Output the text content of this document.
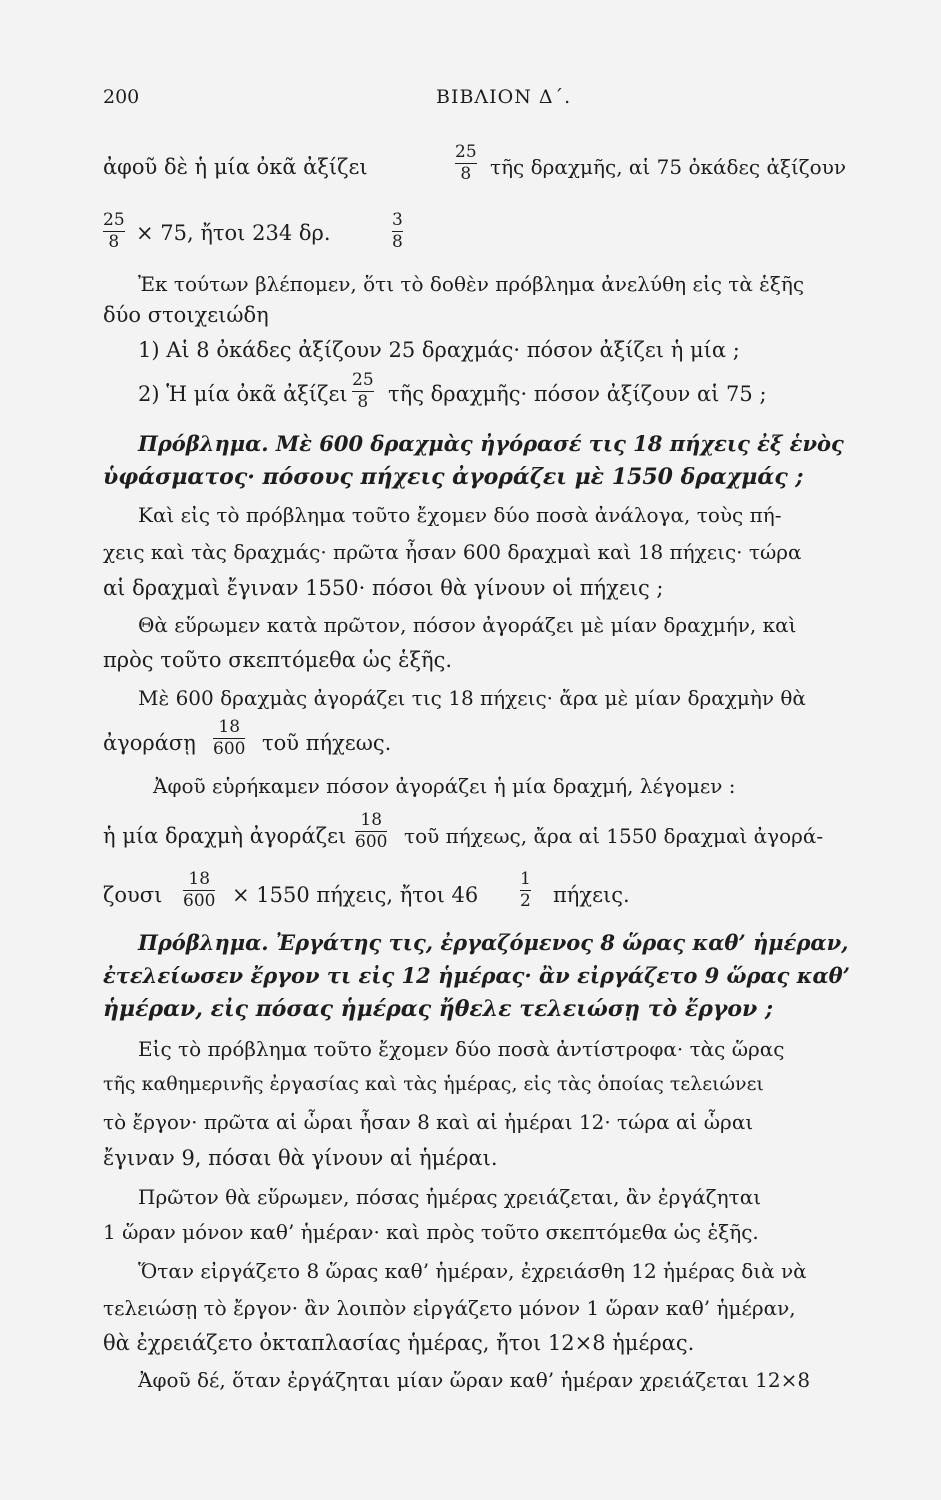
200	ΒΙΒΛΙΟΝ Δ΄.
ἀφοῦ δὲ ἡ μία ὀκᾶ ἀξίζει
25
8 τῆς δραχμῆς, αἱ 75 ὀκάδες ἀξίζουν
25
8 × 75, ἤτοι 234 δρ.
3
8
Ἐκ τούτων βλέπομεν, ὅτι τὸ δοθὲν πρόβλημα ἀνελύθη εἰς τὰ ἑξῆς
δύο στοιχειώδη
1) Αἱ 8 ὀκάδες ἀξίζουν 25 δραχμάς· πόσον ἀξίζει ἡ μία ;
2) Ἡ μία ὀκᾶ ἀξίζει
25
8 τῆς δραχμῆς· πόσον ἀξίζουν αἱ 75 ;
Πρόβλημα. Μὲ 600 δραχμὰς ἠγόρασέ τις 18 πήχεις ἐξ ἑνὸς
ὑφάσματος· πόσους πήχεις ἀγοράζει μὲ 1550 δραχμάς ;
Καὶ εἰς τὸ πρόβλημα τοῦτο ἔχομεν δύο ποσὰ ἀνάλογα, τοὺς πή-
χεις καὶ τὰς δραχμάς· πρῶτα ἦσαν 600 δραχμαὶ καὶ 18 πήχεις· τώρα
αἱ δραχμαὶ ἔγιναν 1550· πόσοι θὰ γίνουν οἱ πήχεις ;
Θὰ εὕρωμεν κατὰ πρῶτον, πόσον ἀγοράζει μὲ μίαν δραχμήν, καὶ
πρὸς τοῦτο σκεπτόμεθα ὡς ἑξῆς.
Μὲ 600 δραχμὰς ἀγοράζει τις 18 πήχεις· ἄρα μὲ μίαν δραχμὴν θὰ
ἀγοράσῃ
18
600 τοῦ πήχεως.
Ἀφοῦ εὑρήκαμεν πόσον ἀγοράζει ἡ μία δραχμή, λέγομεν :
ἡ μία δραχμὴ ἀγοράζει
18
600 τοῦ πήχεως, ἄρα αἱ 1550 δραχμαὶ ἀγορά-
ζουσι
18
600 × 1550 πήχεις, ἤτοι 46
1
2 πήχεις.
Πρόβλημα. Ἐργάτης τις, ἐργαζόμενος 8 ὥρας καθ’ ἡμέραν,
ἐτελείωσεν ἔργον τι εἰς 12 ἡμέρας· ἂν εἰργάζετο 9 ὥρας καθ’
ἡμέραν, εἰς πόσας ἡμέρας ἤθελε τελειώσῃ τὸ ἔργον ;
Εἰς τὸ πρόβλημα τοῦτο ἔχομεν δύο ποσὰ ἀντίστροφα· τὰς ὥρας
τῆς καθημερινῆς ἐργασίας καὶ τὰς ἡμέρας, εἰς τὰς ὁποίας τελειώνει
τὸ ἔργον· πρῶτα αἱ ὧραι ἦσαν 8 καὶ αἱ ἡμέραι 12· τώρα αἱ ὧραι
ἔγιναν 9, πόσαι θὰ γίνουν αἱ ἡμέραι.
Πρῶτον θὰ εὕρωμεν, πόσας ἡμέρας χρειάζεται, ἂν ἐργάζηται
1 ὥραν μόνον καθ’ ἡμέραν· καὶ πρὸς τοῦτο σκεπτόμεθα ὡς ἑξῆς.
Ὅταν εἰργάζετο 8 ὥρας καθ’ ἡμέραν, ἐχρειάσθη 12 ἡμέρας διὰ νὰ
τελειώσῃ τὸ ἔργον· ἂν λοιπὸν εἰργάζετο μόνον 1 ὥραν καθ’ ἡμέραν,
θὰ ἐχρειάζετο ὀκταπλασίας ἡμέρας, ἤτοι 12×8 ἡμέρας.
Ἀφοῦ δέ, ὅταν ἐργάζηται μίαν ὥραν καθ’ ἡμέραν χρειάζεται 12×8
